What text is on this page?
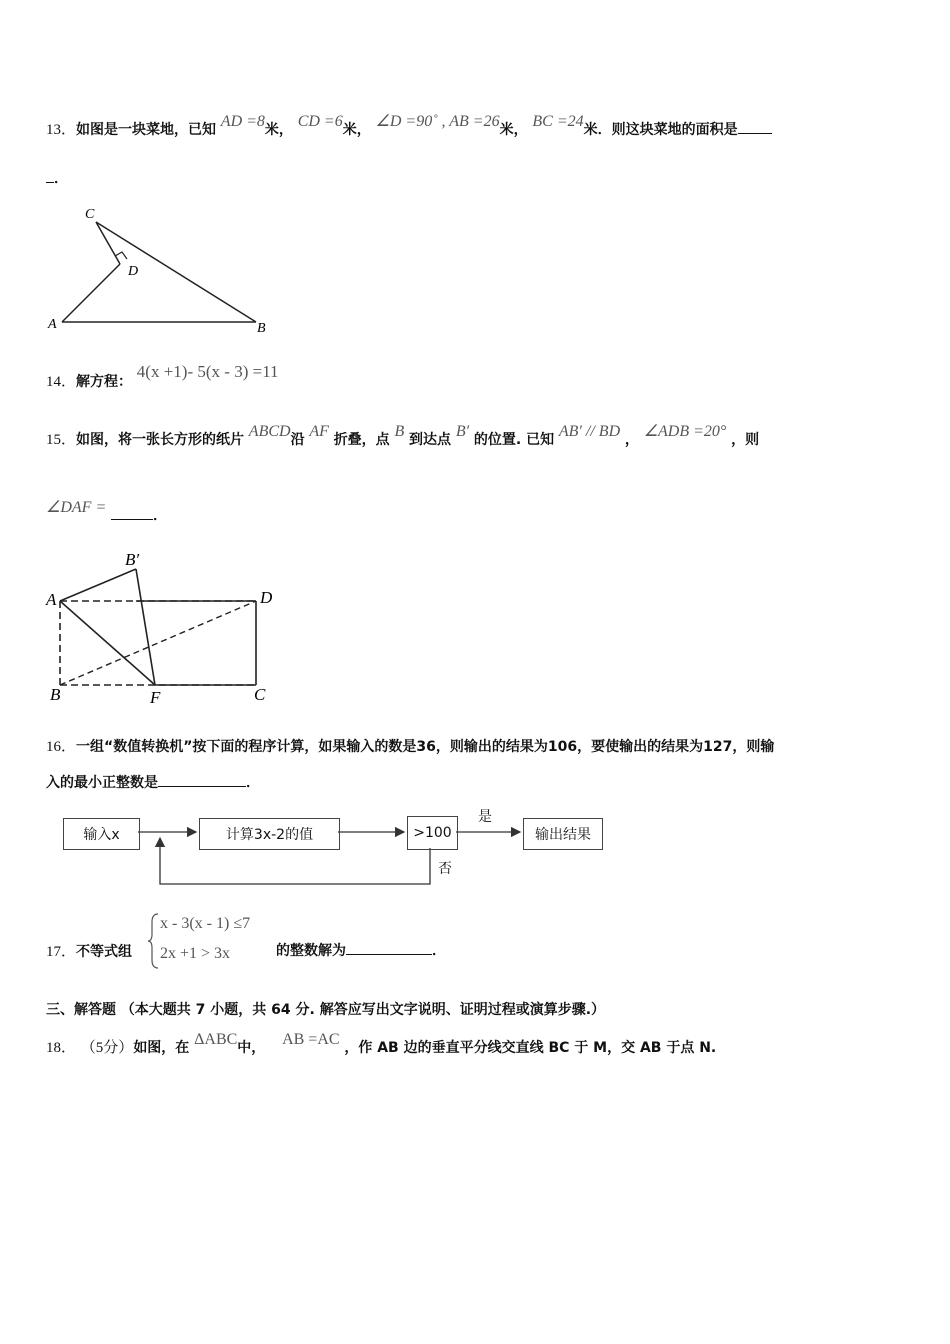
13．如图是一块菜地，已知 AD =8米， CD =6米， ∠D =90˚ , AB =26米， BC =24米．则这块菜地的面积是
．
C
D
A	B
14．解方程： 4(x +1)- 5(x - 3) =11
15．如图，将一张长方形的纸片 ABCD沿 AF 折叠，点 B 到达点 B′ 的位置. 已知 AB′ // BD ， ∠ADB =20° ，则
∠DAF =	．
A
B′
D
B	F	C
16．一组“数值转换机”按下面的程序计算，如果输入的数是36，则输出的结果为106，要使输出的结果为127，则输
入的最小正整数是	．
输入x	计算3x-2的值	>100
是
否
输出结果
17．不等式组
x - 3(x - 1) ≤7
2x +1 > 3x	的整数解为	．
三、解答题 （本大题共 7 小题，共 64 分. 解答应写出文字说明、证明过程或演算步骤.）
18． （5分）如图，在 ΔABC中， AB =AC ，作 AB 边的垂直平分线交直线 BC 于 M，交 AB 于点 N.
